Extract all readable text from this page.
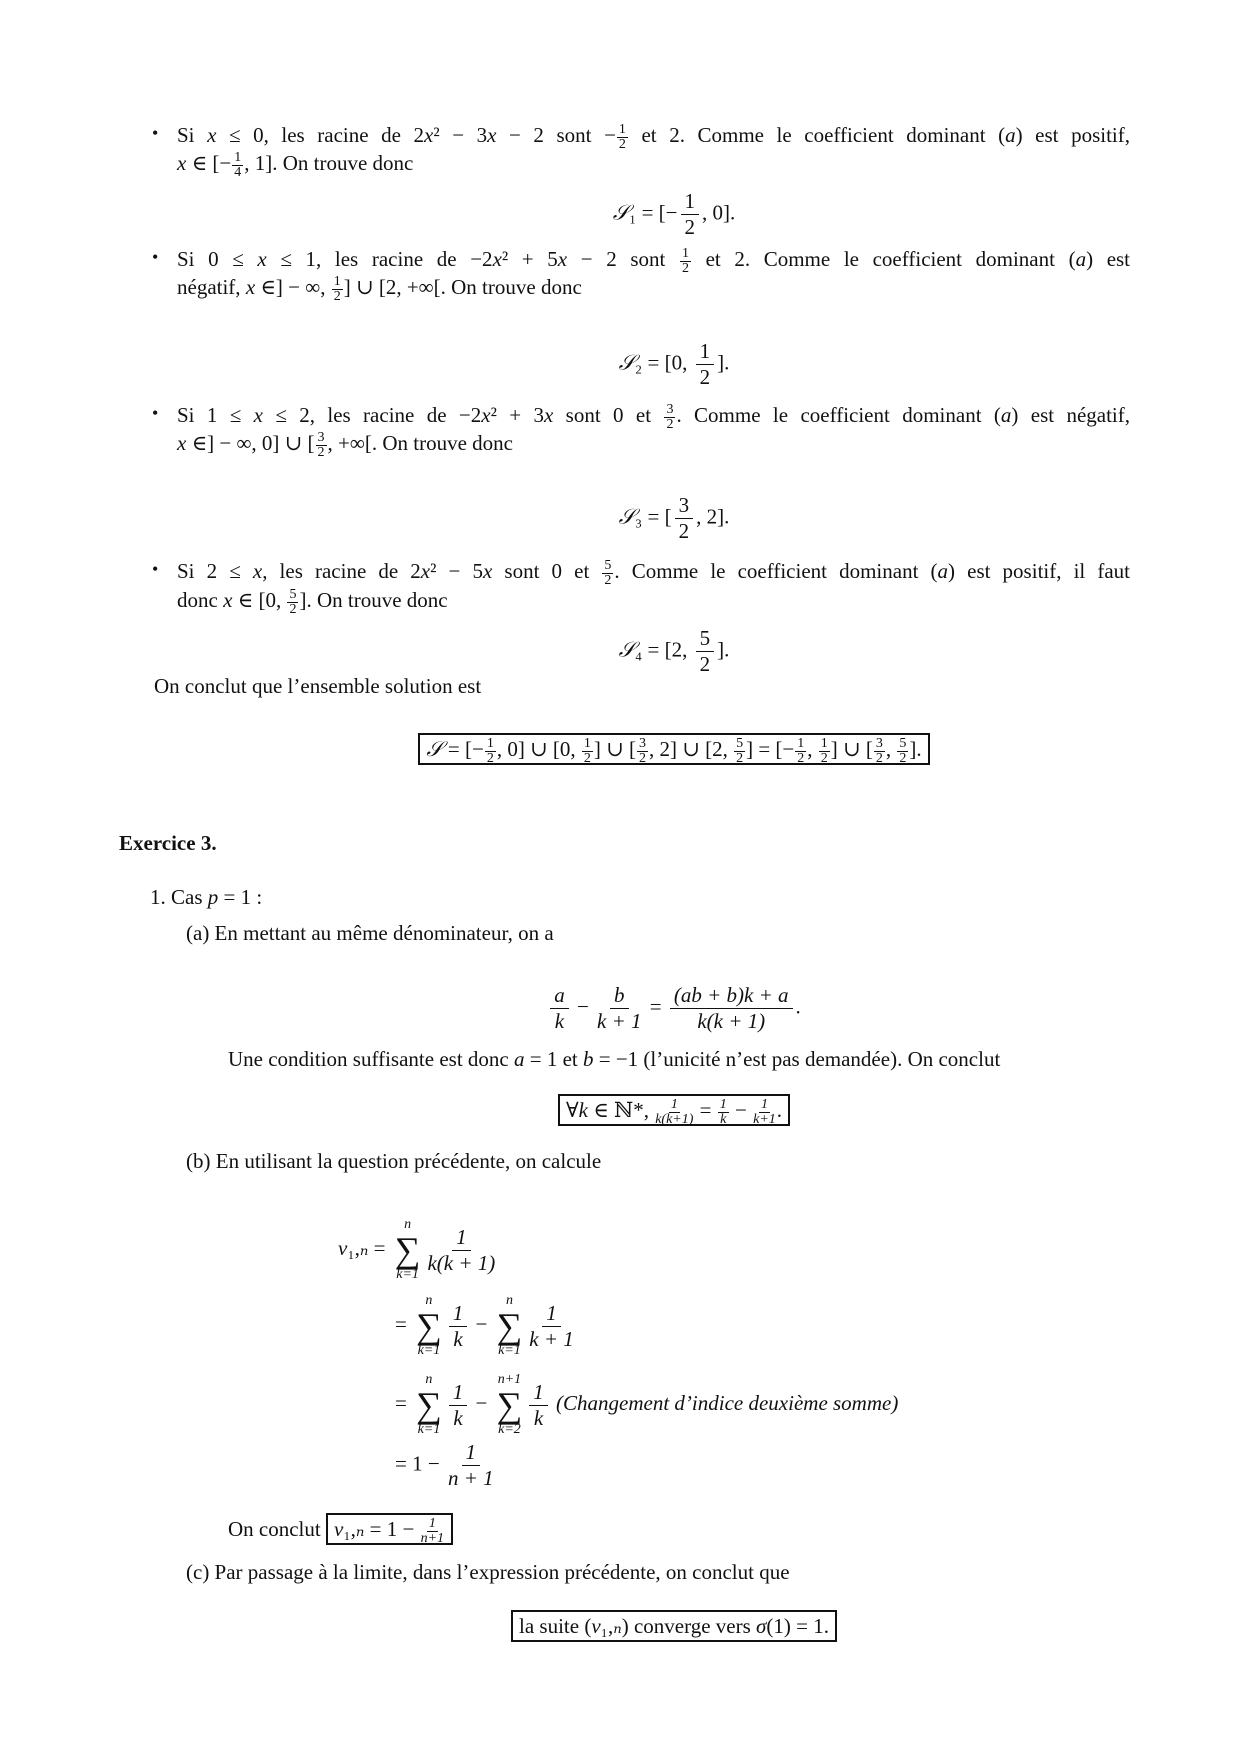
Si x ≤ 0, les racine de 2x² − 3x − 2 sont − $\frac{1}{2}$ et 2. Comme le coefficient dominant (a) est positif,
•
x ∈ [− $\frac{1}{4}$ , 1]. On trouve donc
𝒮₁ = [− $\frac{1}{2}$ , 0].
Si 0 ≤ x ≤ 1, les racine de −2x² + 5x − 2 sont $\frac{1}{2}$ et 2. Comme le coefficient dominant (a) est
•
négatif, x ∈] − ∞, $\frac{1}{2}$ ] ∪ [2, +∞[. On trouve donc
𝒮₂ = [0, $\frac{1}{2}$ ].
Si 1 ≤ x ≤ 2, les racine de −2x² + 3x sont 0 et $\frac{3}{2}$ . Comme le coefficient dominant (a) est négatif,
•
x ∈] − ∞, 0] ∪ [ $\frac{3}{2}$ , +∞[. On trouve donc
𝒮₃ = [ $\frac{3}{2}$ , 2].
Si 2 ≤ x, les racine de 2x² − 5x sont 0 et $\frac{5}{2}$ . Comme le coefficient dominant (a) est positif, il faut
•
donc x ∈ [0, $\frac{5}{2}$ ]. On trouve donc
𝒮₄ = [2, $\frac{5}{2}$ ].
On conclut que l’ensemble solution est
𝒮 = [− $\frac{1}{2}$ , 0] ∪ [0, $\frac{1}{2}$ ] ∪ [ $\frac{3}{2}$ , 2] ∪ [2, $\frac{5}{2}$ ] = [− $\frac{1}{2}$ , $\frac{1}{2}$ ] ∪ [ $\frac{3}{2}$ , $\frac{5}{2}$ ].
Exercice 3.
1. Cas p = 1 :
(a) En mettant au même dénominateur, on a
$\frac{a}{k} - \frac{b}{k + 1} = \frac{(ab + b)k + a}{k(k + 1)}$ .
Une condition suffisante est donc a = 1 et b = −1 (l’unicité n’est pas demandée). On conclut
∀k ∈ ℕ*, $\frac{1}{k(k+1)} = \frac{1}{k} - \frac{1}{k+1}$ .
(b) En utilisant la question précédente, on calcule
v₁,ₙ =
n
∑
$k=1 \frac{1}{k(k + 1)}$
=
n
∑
$k=1 \frac{1}{k}$ −
n
∑
$k=1 \frac{1}{k + 1}$
=
n
∑
$k=1 \frac{1}{k}$ −
n+1
∑
$k=2 \frac{1}{k}$ (Changement d’indice deuxième somme)
= $1 - \frac{1}{n + 1}$
On conclut $v_1,_n = 1 - \frac{1}{n+1}$
(c) Par passage à la limite, dans l’expression précédente, on conclut que
la suite (v₁,ₙ) converge vers σ(1) = 1.
